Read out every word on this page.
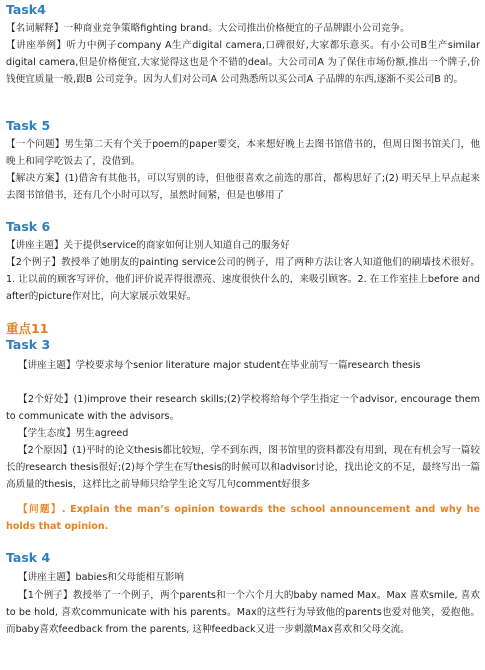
Task4
【名词解释】一种商业竞争策略fighting brand。大公司推出价格便宜的子品牌跟小公司竞争。
【讲座举例】听力中例子company A生产digital camera,口碑很好,大家都乐意买。有小公司B生产similar digital camera,但是价格便宜,大家觉得这也是个不错的deal。大公司司A 为了保住市场份额,推出一个牌子,价钱便宜质量一般,跟B 公司竞争。因为人们对公司A 公司熟悉所以买公司A 子品牌的东西,逐渐不买公司B 的。
Task 5
【一个问题】男生第二天有个关于poem的paper要交，本来想好晚上去图书馆借书的，但周日图书馆关门，他晚上和同学吃饭去了，没借到。
【解决方案】(1)借舍有其他书，可以写别的诗，但他很喜欢之前选的那首，都构思好了;(2) 明天早上早点起来去图书馆借书，还有几个小时可以写，虽然时间紧，但是也够用了
Task 6
【讲座主题】关于提供service的商家如何让别人知道自己的服务好
【2个例子】教授举了她朋友的painting service公司的例子，用了两种方法让客人知道他们的刷墙技术很好。1. 让以前的顾客写评价，他们评价说弄得很漂亮、速度很快什么的，来吸引顾客。2. 在工作室挂上before and after的picture作对比，向大家展示效果好。
重点11
Task 3
【讲座主题】学校要求每个senior literature major student在毕业前写一篇research thesis
【2个好处】(1)improve their research skills;(2)学校将给每个学生指定一个advisor, encourage them to communicate with the advisors。
【学生态度】男生agreed
【2个原因】(1)平时的论文thesis都比较短，学不到东西，图书馆里的资料都没有用到，现在有机会写一篇较长的research thesis很好;(2)每个学生在写thesis的时候可以和advisor讨论，找出论文的不足，最终写出一篇高质量的thesis，这样比之前导师只给学生论文写几句comment好很多
【问题】. Explain the man’s opinion towards the school announcement and why he holds that opinion.
Task 4
【讲座主题】babies和父母能相互影响
【1个例子】教授举了一个例子，两个parents和一个六个月大的baby named Max。Max 喜欢smile, 喜欢to be hold, 喜欢communicate with his parents。Max的这些行为导致他的parents也爱对他笑，爱抱他。而baby喜欢feedback from the parents, 这种feedback又进一步刺激Max喜欢和父母交流。
